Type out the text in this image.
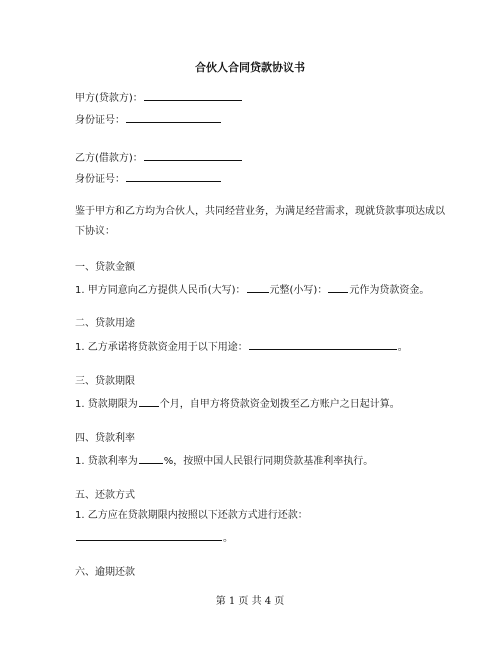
合伙人合同贷款协议书
甲方(贷款方)：
身份证号：
乙方(借款方)：
身份证号：
鉴于甲方和乙方均为合伙人，共同经营业务，为满足经营需求，现就贷款事项达成以
下协议：
一、贷款金额
1. 甲方同意向乙方提供人民币(大写)： 元整(小写)： 元作为贷款资金。
二、贷款用途
1. 乙方承诺将贷款资金用于以下用途：	。
三、贷款期限
1. 贷款期限为 个月，自甲方将贷款资金划拨至乙方账户之日起计算。
四、贷款利率
1. 贷款利率为	%，按照中国人民银行同期贷款基准利率执行。
五、还款方式
1. 乙方应在贷款期限内按照以下还款方式进行还款：
。
六、逾期还款
第 1 页 共 4 页
